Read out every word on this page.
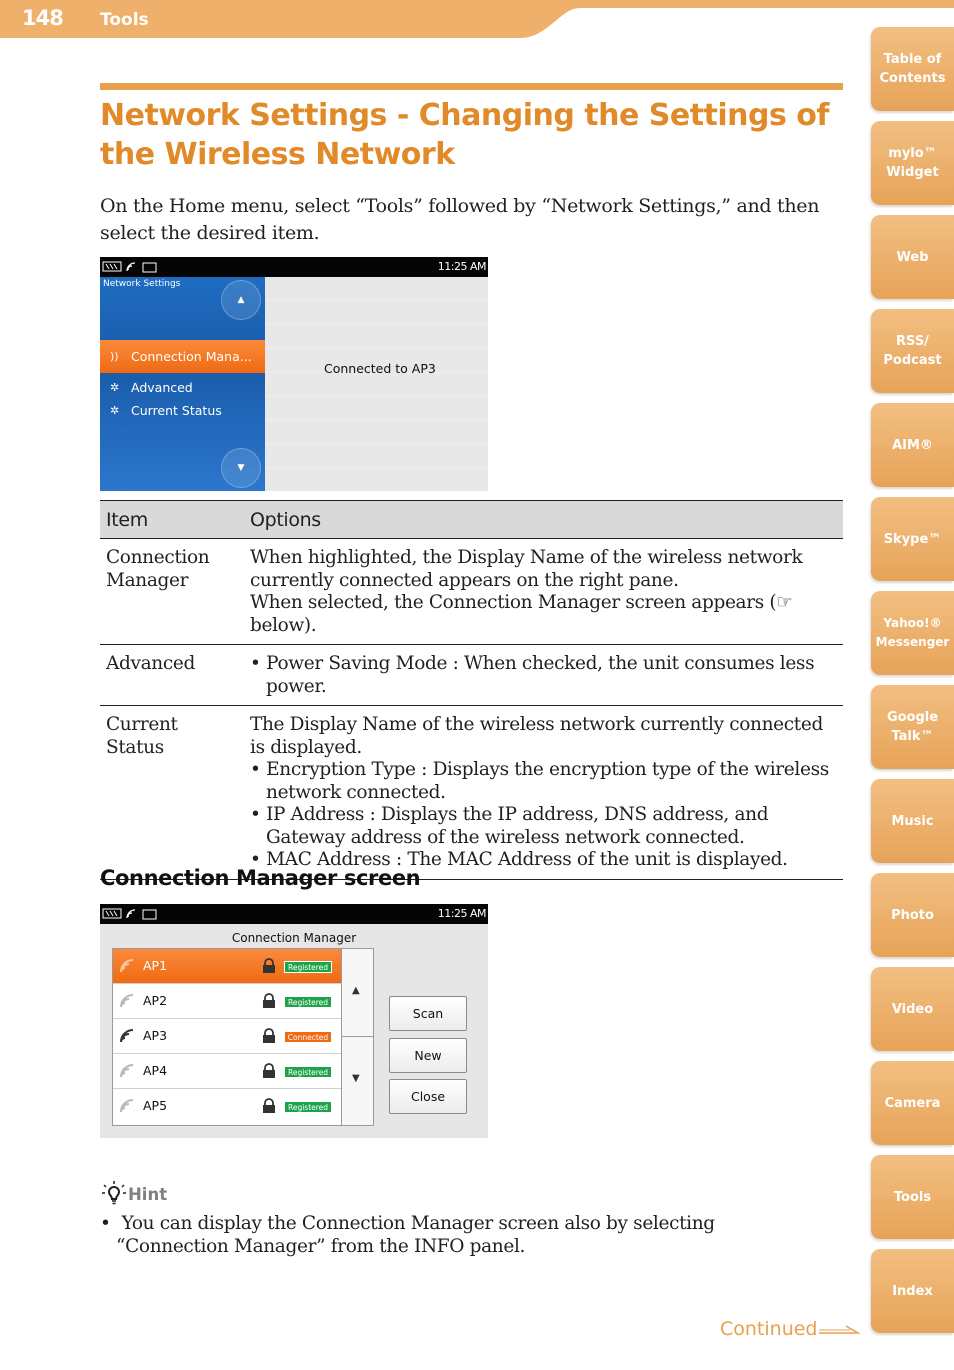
148 Tools
Table of
Contents
mylo™
Widget
Web
RSS/
Podcast
AIM®
Skype™
Yahoo!®
Messenger
Google
Talk™
Music
Photo
Video
Camera
Tools
Index
Network Settings - Changing the Settings of the Wireless Network

On the Home menu, select “Tools” followed by “Network Settings,” and then select the desired item.

11:25 AM
Network Settings
▲
)) Connection Mana...
✲ Advanced
✲ Current Status
▼
Connected to AP3
Item	Options
Connection Manager	When highlighted, the Display Name of the wireless network currently connected appears on the right pane.
When selected, the Connection Manager screen appears (☞ below).

Advanced	• Power Saving Mode : When checked, the unit consumes less power.

Current Status	The Display Name of the wireless network currently connected is displayed.
• Encryption Type : Displays the encryption type of the wireless network connected.
• IP Address : Displays the IP address, DNS address, and Gateway address of the wireless network connected.
• MAC Address : The MAC Address of the unit is displayed.
Connection Manager screen
11:25 AM
Connection Manager
AP1	Registered
AP2	Registered
AP3	Connected
AP4	Registered
AP5	Registered
▲
▼
Scan
New
Close
Hint

•  You can display the Connection Manager screen also by selecting “Connection Manager” from the INFO panel.

Continued
